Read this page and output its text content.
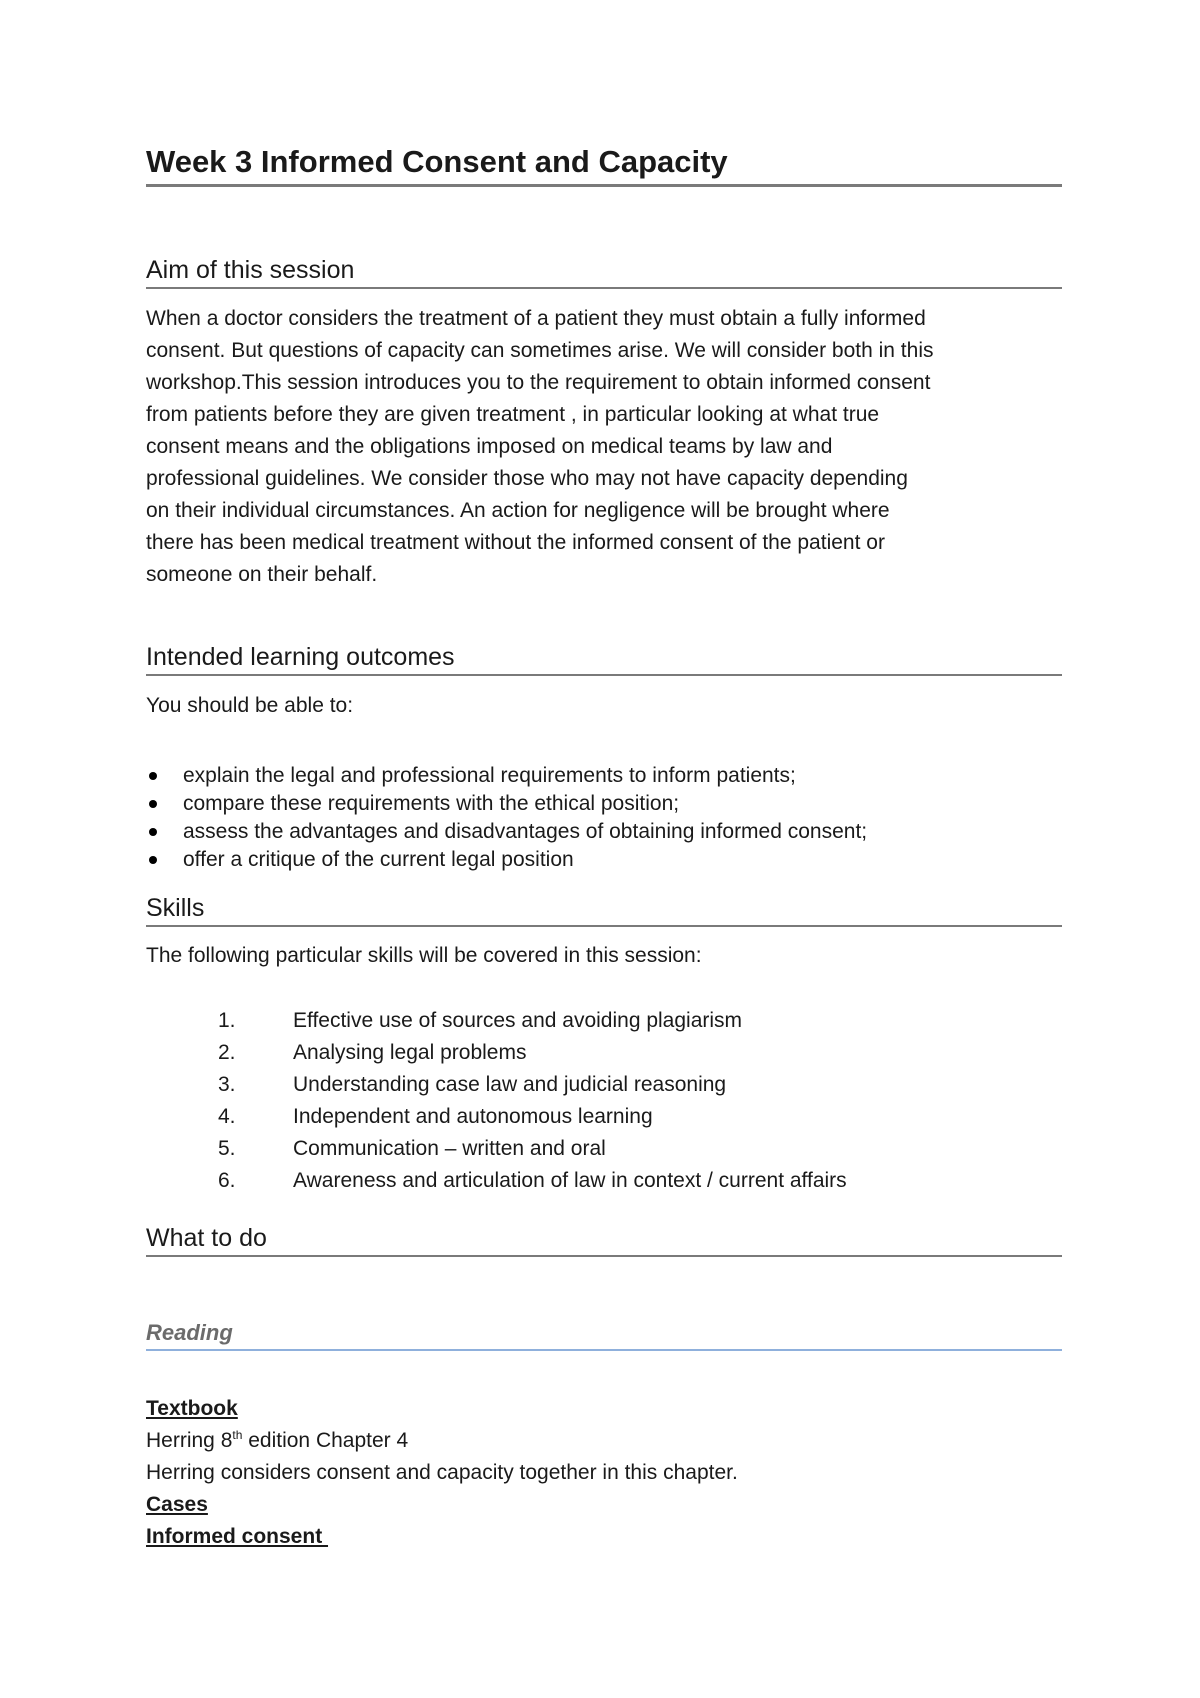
Week 3 Informed Consent and Capacity
Aim of this session

When a doctor considers the treatment of a patient they must obtain a fully informed

consent. But questions of capacity can sometimes arise. We will consider both in this

workshop.This session introduces you to the requirement to obtain informed consent

from patients before they are given treatment , in particular looking at what true

consent means and the obligations imposed on medical teams by law and

professional guidelines. We consider those who may not have capacity depending

on their individual circumstances. An action for negligence will be brought where

there has been medical treatment without the informed consent of the patient or

someone on their behalf.

Intended learning outcomes

You should be able to:

explain the legal and professional requirements to inform patients;
compare these requirements with the ethical position;
assess the advantages and disadvantages of obtaining informed consent;
offer a critique of the current legal position
Skills

The following particular skills will be covered in this session:

1.	Effective use of sources and avoiding plagiarism
2.	Analysing legal problems
3.	Understanding case law and judicial reasoning
4.	Independent and autonomous learning
5.	Communication – written and oral
6.	Awareness and articulation of law in context / current affairs
What to do
Reading
Textbook
Herring 8th edition Chapter 4
Herring considers consent and capacity together in this chapter.
Cases
Informed consent
